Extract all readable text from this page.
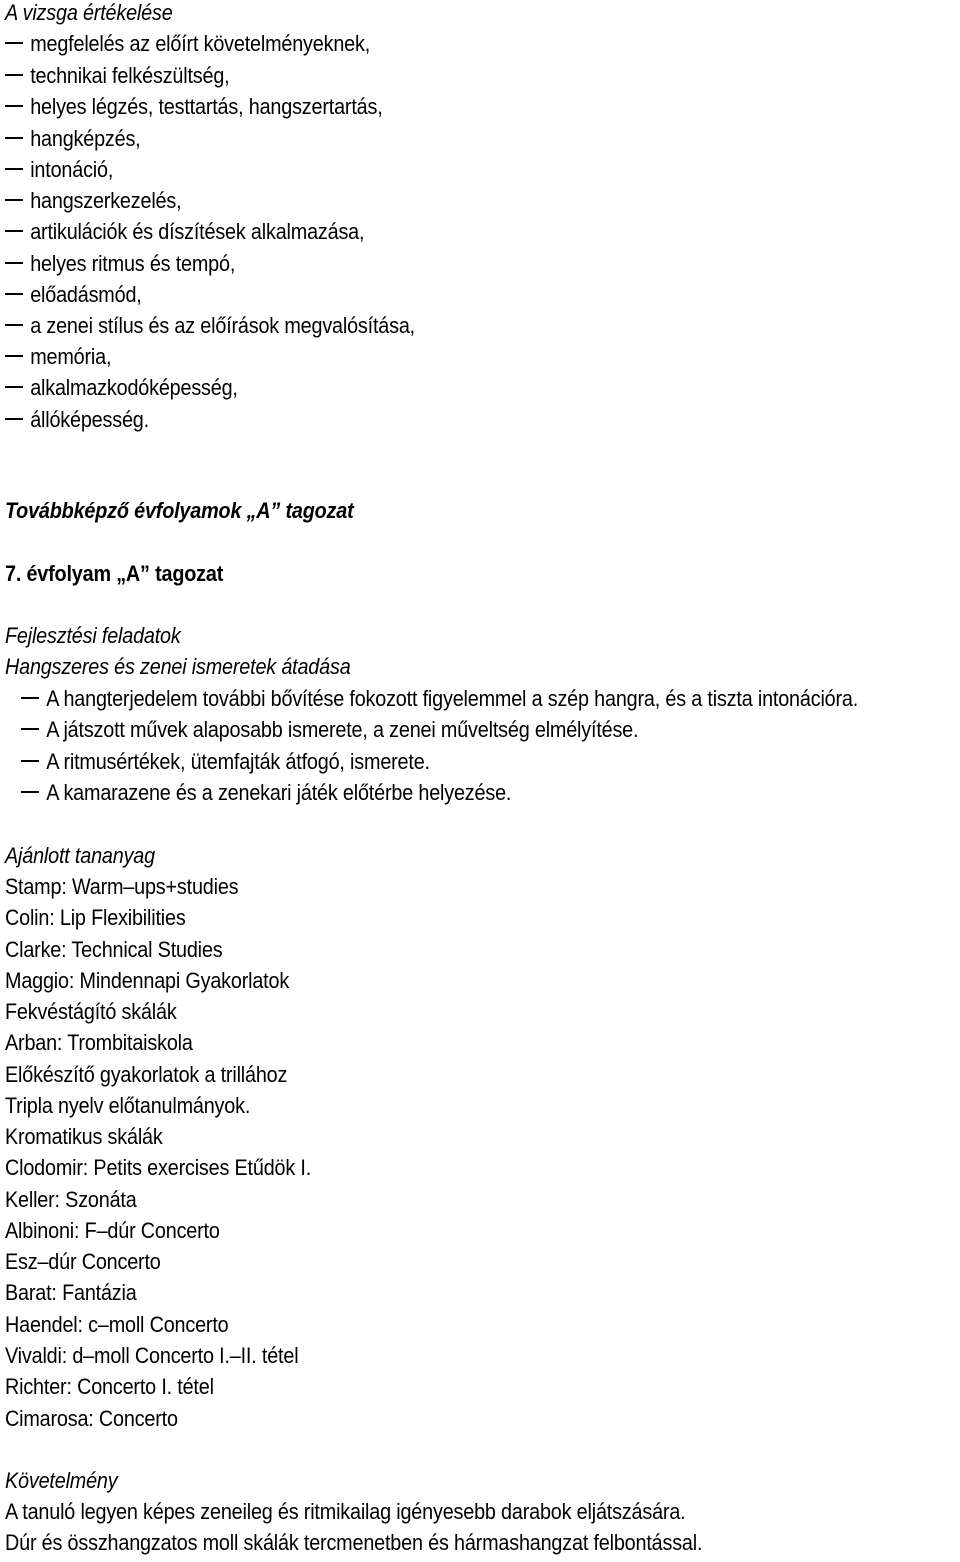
A vizsga értékelése
megfelelés az előírt követelményeknek,
technikai felkészültség,
helyes légzés, testtartás, hangszertartás,
hangképzés,
intonáció,
hangszerkezelés,
artikulációk és díszítések alkalmazása,
helyes ritmus és tempó,
előadásmód,
a zenei stílus és az előírások megvalósítása,
memória,
alkalmazkodóképesség,
állóképesség.
Továbbképző évfolyamok „A” tagozat
7. évfolyam „A” tagozat
Fejlesztési feladatok
Hangszeres és zenei ismeretek átadása
A hangterjedelem további bővítése fokozott figyelemmel a szép hangra, és a tiszta intonációra.
A játszott művek alaposabb ismerete, a zenei műveltség elmélyítése.
A ritmusértékek, ütemfajták átfogó, ismerete.
A kamarazene és a zenekari játék előtérbe helyezése.
Ajánlott tananyag
Stamp: Warm–ups+studies
Colin: Lip Flexibilities
Clarke: Technical Studies
Maggio: Mindennapi Gyakorlatok
Fekvéstágító skálák
Arban: Trombitaiskola
Előkészítő gyakorlatok a trillához
Tripla nyelv előtanulmányok.
Kromatikus skálák
Clodomir: Petits exercises Etűdök I.
Keller: Szonáta
Albinoni: F–dúr Concerto
Esz–dúr Concerto
Barat: Fantázia
Haendel: c–moll Concerto
Vivaldi: d–moll Concerto I.–II. tétel
Richter: Concerto I. tétel
Cimarosa: Concerto
Követelmény
A tanuló legyen képes zeneileg és ritmikailag igényesebb darabok eljátszására.
Dúr és összhangzatos moll skálák tercmenetben és hármashangzat felbontással.
